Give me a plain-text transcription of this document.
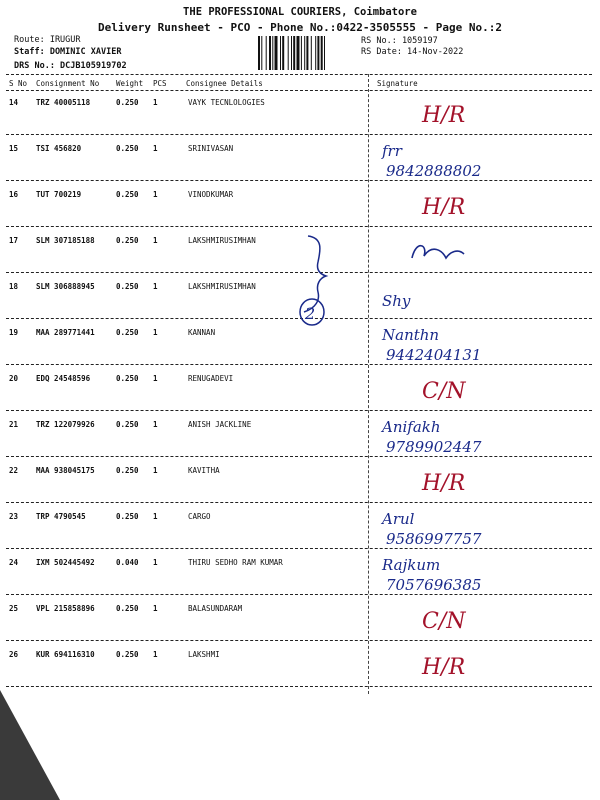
THE PROFESSIONAL COURIERS, Coimbatore
Delivery Runsheet - PCO - Phone No.:0422-3505555 - Page No.:2
Route: IRUGUR
Staff: DOMINIC XAVIER
DRS No.: DCJB105919702
RS No.: 1059197
RS Date: 14-Nov-2022
S No Consignment No Weight PCS	Consignee Details	Signature
14 TRZ 40005118	0.250 1	VAYK TECNLOLOGIES
H/R
15 TSI 456820	0.250 1	SRINIVASAN	frr
9842888802
16 TUT 700219	0.250 1	VINODKUMAR
H/R
17 SLM 307185188	0.250 1	LAKSHMIRUSIMHAN
18 SLM 306888945	0.250 1	LAKSHMIRUSIMHAN
Shy
19 MAA 289771441	0.250 1	KANNAN	Nanthn
9442404131
20 EDQ 24548596	0.250 1	RENUGADEVI
C/N
21 TRZ 122079926	0.250 1	ANISH JACKLINE	Anifakh
9789902447
22 MAA 938045175	0.250 1	KAVITHA
H/R
23 TRP 4790545	0.250 1	CARGO	Arul
9586997757
24 IXM 502445492	0.040 1	THIRU SEDHO RAM KUMAR	Rajkum
7057696385
25 VPL 215858896	0.250 1	BALASUNDARAM
C/N
26 KUR 694116310	0.250 1	LAKSHMI
H/R
2
